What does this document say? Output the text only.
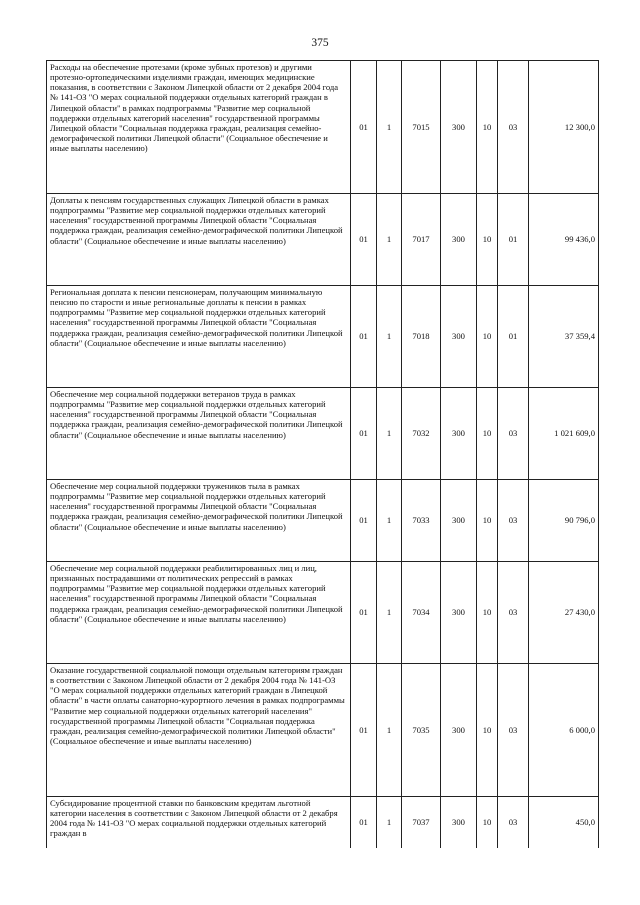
375
Расходы на обеспечение протезами (кроме зубных протезов) и другими протезно-ортопедическими изделиями граждан, имеющих медицинские показания, в соответствии с Законом Липецкой области от 2 декабря 2004 года № 141-ОЗ "О мерах социальной поддержки отдельных категорий граждан в Липецкой области" в рамках подпрограммы "Развитие мер социальной поддержки отдельных категорий населения" государственной программы Липецкой области "Социальная поддержка граждан, реализация семейно-демографической политики Липецкой области" (Социальное обеспечение и иные выплаты населению)	01	1	7015	300	10	03	12 300,0
Доплаты к пенсиям государственных служащих Липецкой области в рамках подпрограммы "Развитие мер социальной поддержки отдельных категорий населения" государственной программы Липецкой области "Социальная поддержка граждан, реализация семейно-демографической политики Липецкой области" (Социальное обеспечение и иные выплаты населению)	01	1	7017	300	10	01	99 436,0
Региональная доплата к пенсии пенсионерам, получающим минимальную пенсию по старости и иные региональные доплаты к пенсии в рамках подпрограммы "Развитие мер социальной поддержки отдельных категорий населения" государственной программы Липецкой области "Социальная поддержка граждан, реализация семейно-демографической политики Липецкой области" (Социальное обеспечение и иные выплаты населению)	01	1	7018	300	10	01	37 359,4
Обеспечение мер социальной поддержки ветеранов труда в рамках подпрограммы "Развитие мер социальной поддержки отдельных категорий населения" государственной программы Липецкой области "Социальная поддержка граждан, реализация семейно-демографической политики Липецкой области" (Социальное обеспечение и иные выплаты населению)	01	1	7032	300	10	03	1 021 609,0
Обеспечение мер социальной поддержки тружеников тыла в рамках подпрограммы "Развитие мер социальной поддержки отдельных категорий населения" государственной программы Липецкой области "Социальная поддержка граждан, реализация семейно-демографической политики Липецкой области" (Социальное обеспечение и иные выплаты населению)	01	1	7033	300	10	03	90 796,0
Обеспечение мер социальной поддержки реабилитированных лиц и лиц, признанных пострадавшими от политических репрессий в рамках подпрограммы "Развитие мер социальной поддержки отдельных категорий населения" государственной программы Липецкой области "Социальная поддержка граждан, реализация семейно-демографической политики Липецкой области" (Социальное обеспечение и иные выплаты населению)	01	1	7034	300	10	03	27 430,0
Оказание государственной социальной помощи отдельным категориям граждан в соответствии с Законом Липецкой области от 2 декабря 2004 года № 141-ОЗ "О мерах социальной поддержки отдельных категорий граждан в Липецкой области" в части оплаты санаторно-курортного лечения в рамках подпрограммы "Развитие мер социальной поддержки отдельных категорий населения" государственной программы Липецкой области "Социальная поддержка граждан, реализация семейно-демографической политики Липецкой области" (Социальное обеспечение и иные выплаты населению)	01	1	7035	300	10	03	6 000,0
Субсидирование процентной ставки по банковским кредитам льготной категории населения в соответствии с Законом Липецкой области от 2 декабря 2004 года № 141-ОЗ "О мерах социальной поддержки отдельных категорий граждан в	01	1	7037	300	10	03	450,0
